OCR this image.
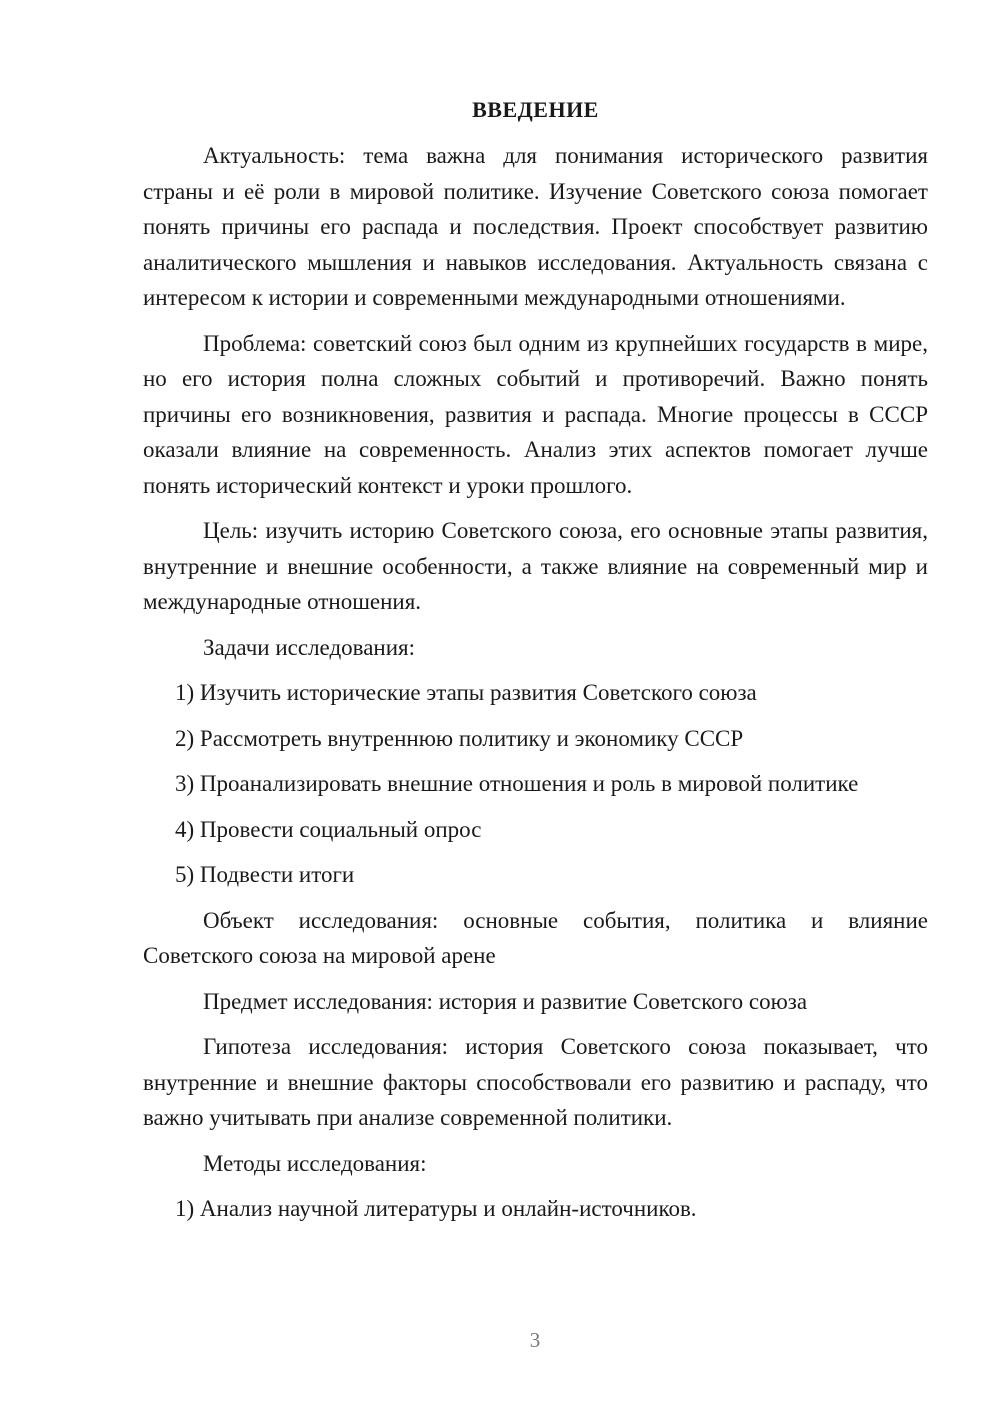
ВВЕДЕНИЕ
Актуальность: тема важна для понимания исторического развития страны и её роли в мировой политике. Изучение Советского союза помогает понять причины его распада и последствия. Проект способствует развитию аналитического мышления и навыков исследования. Актуальность связана с интересом к истории и современными международными отношениями.
Проблема: советский союз был одним из крупнейших государств в мире, но его история полна сложных событий и противоречий. Важно понять причины его возникновения, развития и распада. Многие процессы в СССР оказали влияние на современность. Анализ этих аспектов помогает лучше понять исторический контекст и уроки прошлого.
Цель: изучить историю Советского союза, его основные этапы развития, внутренние и внешние особенности, а также влияние на современный мир и международные отношения.
Задачи исследования:
1) Изучить исторические этапы развития Советского союза
2) Рассмотреть внутреннюю политику и экономику СССР
3) Проанализировать внешние отношения и роль в мировой политике
4) Провести социальный опрос
5) Подвести итоги
Объект исследования: основные события, политика и влияние Советского союза на мировой арене
Предмет исследования: история и развитие Советского союза
Гипотеза исследования: история Советского союза показывает, что внутренние и внешние факторы способствовали его развитию и распаду, что важно учитывать при анализе современной политики.
Методы исследования:
1) Анализ научной литературы и онлайн-источников.
3
